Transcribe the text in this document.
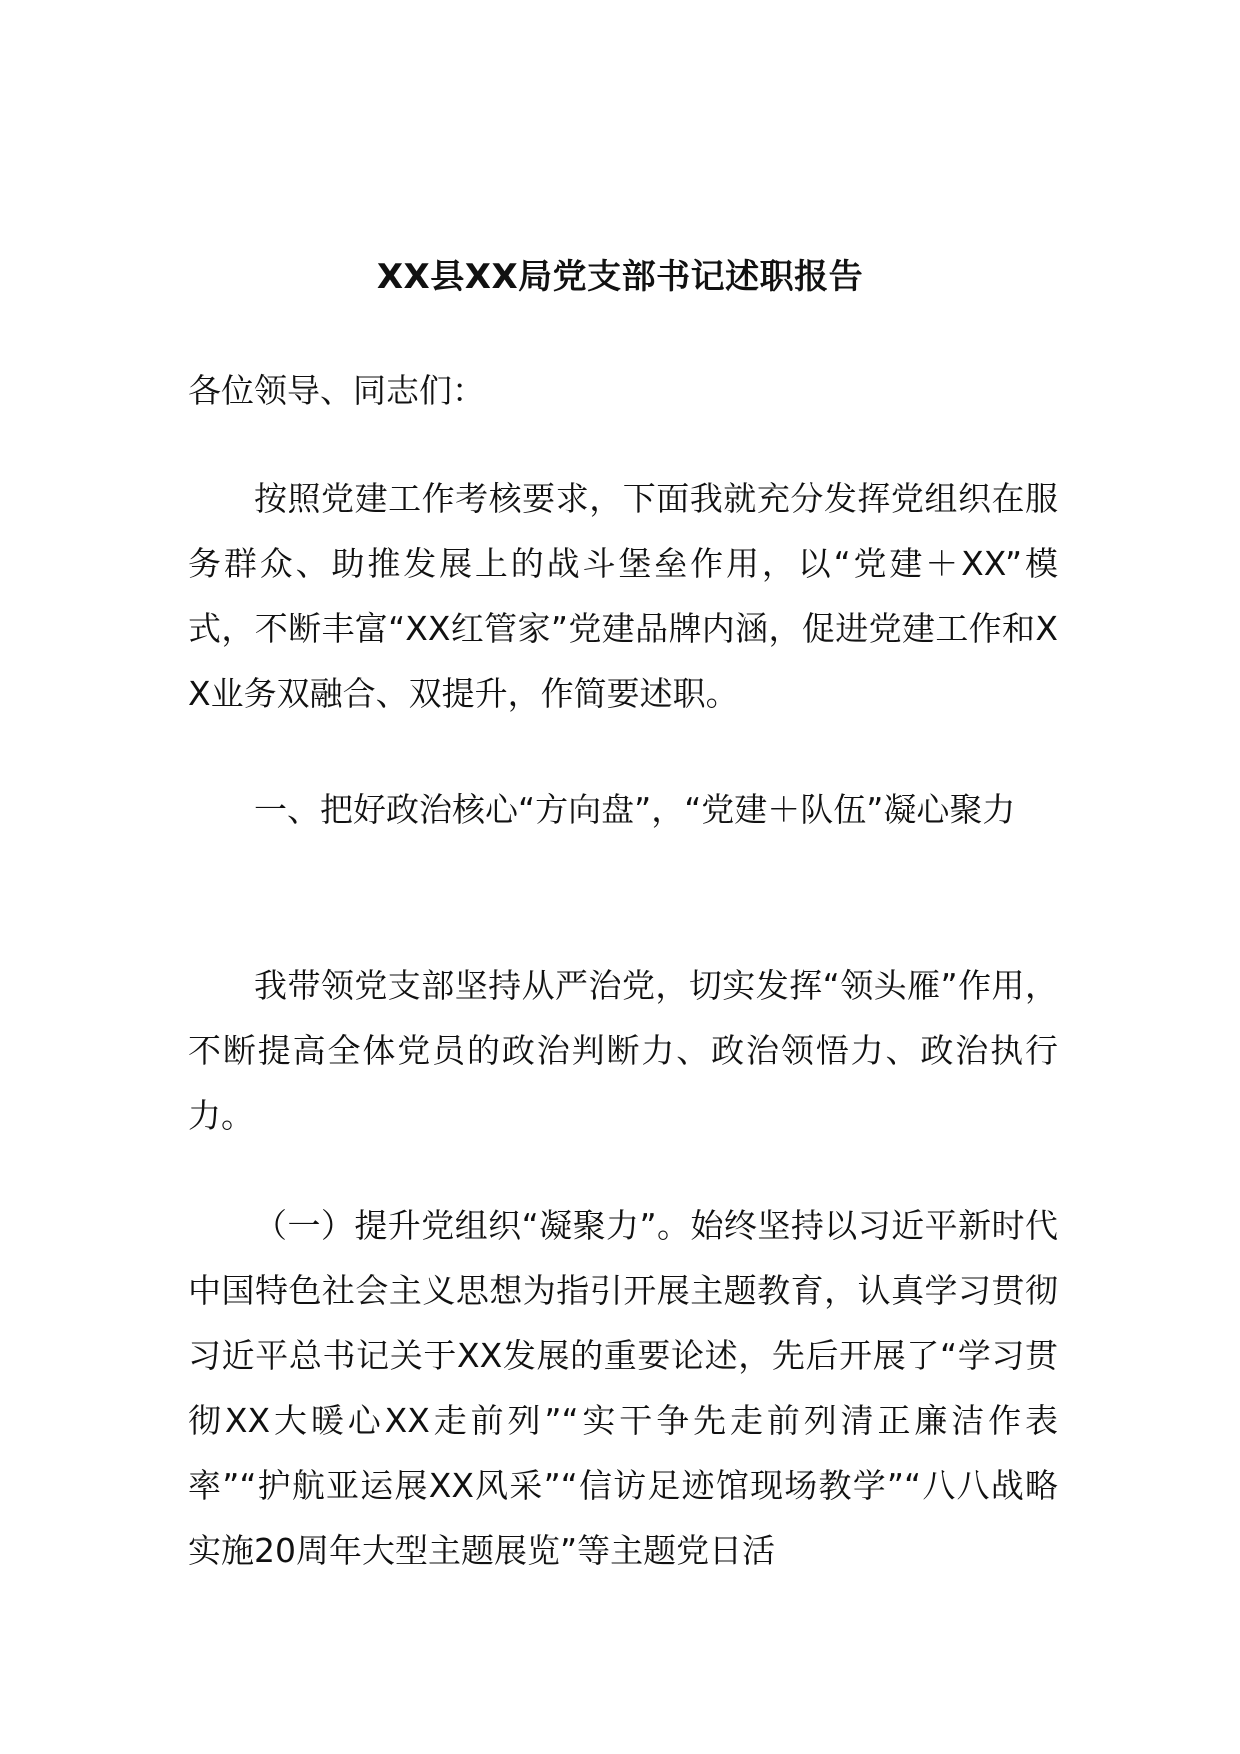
XX县XX局党支部书记述职报告

各位领导、同志们：

按照党建工作考核要求，下面我就充分发挥党组织在服务群众、助推发展上的战斗堡垒作用，以“党建＋XX”模式，不断丰富“XX红管家”党建品牌内涵，促进党建工作和XX业务双融合、双提升，作简要述职。

一、把好政治核心“方向盘”，“党建＋队伍”凝心聚力

我带领党支部坚持从严治党，切实发挥“领头雁”作用，不断提高全体党员的政治判断力、政治领悟力、政治执行力。

（一）提升党组织“凝聚力”。始终坚持以习近平新时代中国特色社会主义思想为指引开展主题教育，认真学习贯彻习近平总书记关于XX发展的重要论述，先后开展了“学习贯彻XX大暖心XX走前列”“实干争先走前列清正廉洁作表率”“护航亚运展XX风采”“信访足迹馆现场教学”“八八战略实施20周年大型主题展览”等主题党日活
